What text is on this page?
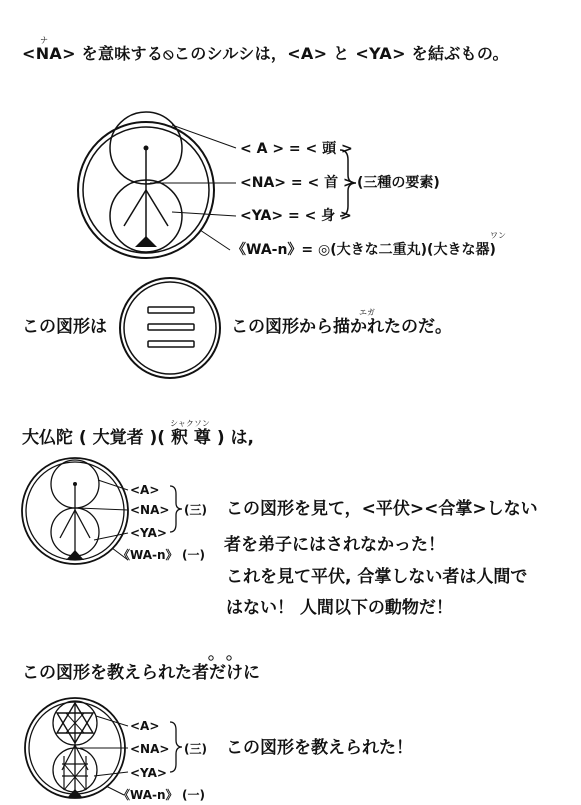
<NA> を意味する⦸このシルシは，<A> と <YA> を結ぶもの。
ナ
< A > = < 頭 >
<NA> = < 首 >
<YA> = < 身 >
(三種の要素)
《WA-n》= ◎(大きな二重丸)(大きな器)
ワン
この図形は	この図形から描かれたのだ。
エガ
大仏陀 ( 大覚者 )( 釈 尊 ) は,
シャクソン
<A>
<NA>
<YA>
《WA-n》
(三)
(一)
この図形を見て，<平伏><合掌>しない
者を弟子にはされなかった！
これを見て平伏, 合掌しない者は人間で
はない！ 人間以下の動物だ！
この図形を教えられた者だけに
<A>
<NA>
<YA>
《WA-n》
(三)
(一)
この図形を教えられた！
